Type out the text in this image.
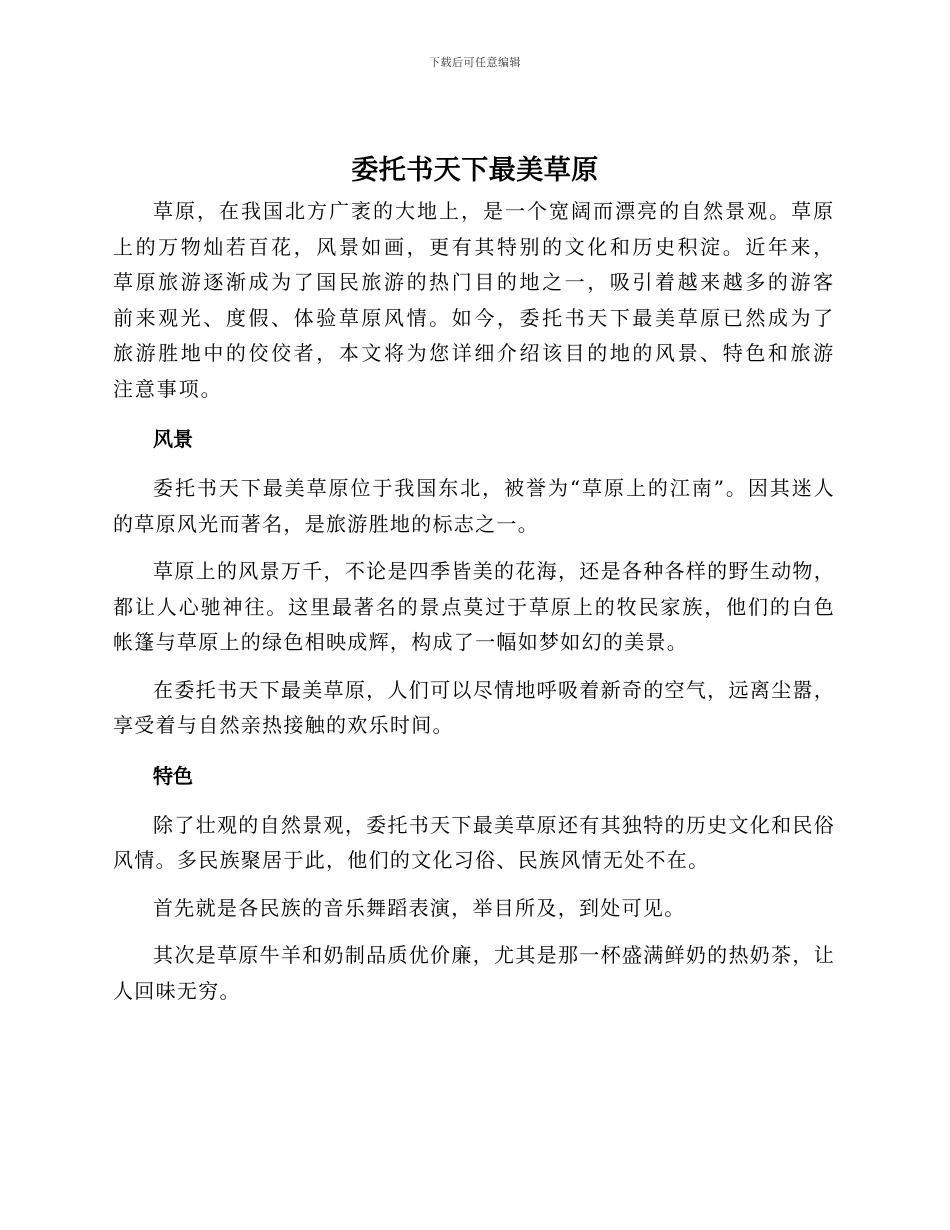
下载后可任意编辑
委托书天下最美草原

草原，在我国北方广袤的大地上，是一个宽阔而漂亮的自然景观。草原上的万物灿若百花，风景如画，更有其特别的文化和历史积淀。近年来，草原旅游逐渐成为了国民旅游的热门目的地之一，吸引着越来越多的游客前来观光、度假、体验草原风情。如今，委托书天下最美草原已然成为了旅游胜地中的佼佼者，本文将为您详细介绍该目的地的风景、特色和旅游注意事项。

风景

委托书天下最美草原位于我国东北，被誉为“草原上的江南”。因其迷人的草原风光而著名，是旅游胜地的标志之一。

草原上的风景万千，不论是四季皆美的花海，还是各种各样的野生动物，都让人心驰神往。这里最著名的景点莫过于草原上的牧民家族，他们的白色帐篷与草原上的绿色相映成辉，构成了一幅如梦如幻的美景。

在委托书天下最美草原，人们可以尽情地呼吸着新奇的空气，远离尘嚣，享受着与自然亲热接触的欢乐时间。

特色

除了壮观的自然景观，委托书天下最美草原还有其独特的历史文化和民俗风情。多民族聚居于此，他们的文化习俗、民族风情无处不在。

首先就是各民族的音乐舞蹈表演，举目所及，到处可见。

其次是草原牛羊和奶制品质优价廉，尤其是那一杯盛满鲜奶的热奶茶，让人回味无穷。
